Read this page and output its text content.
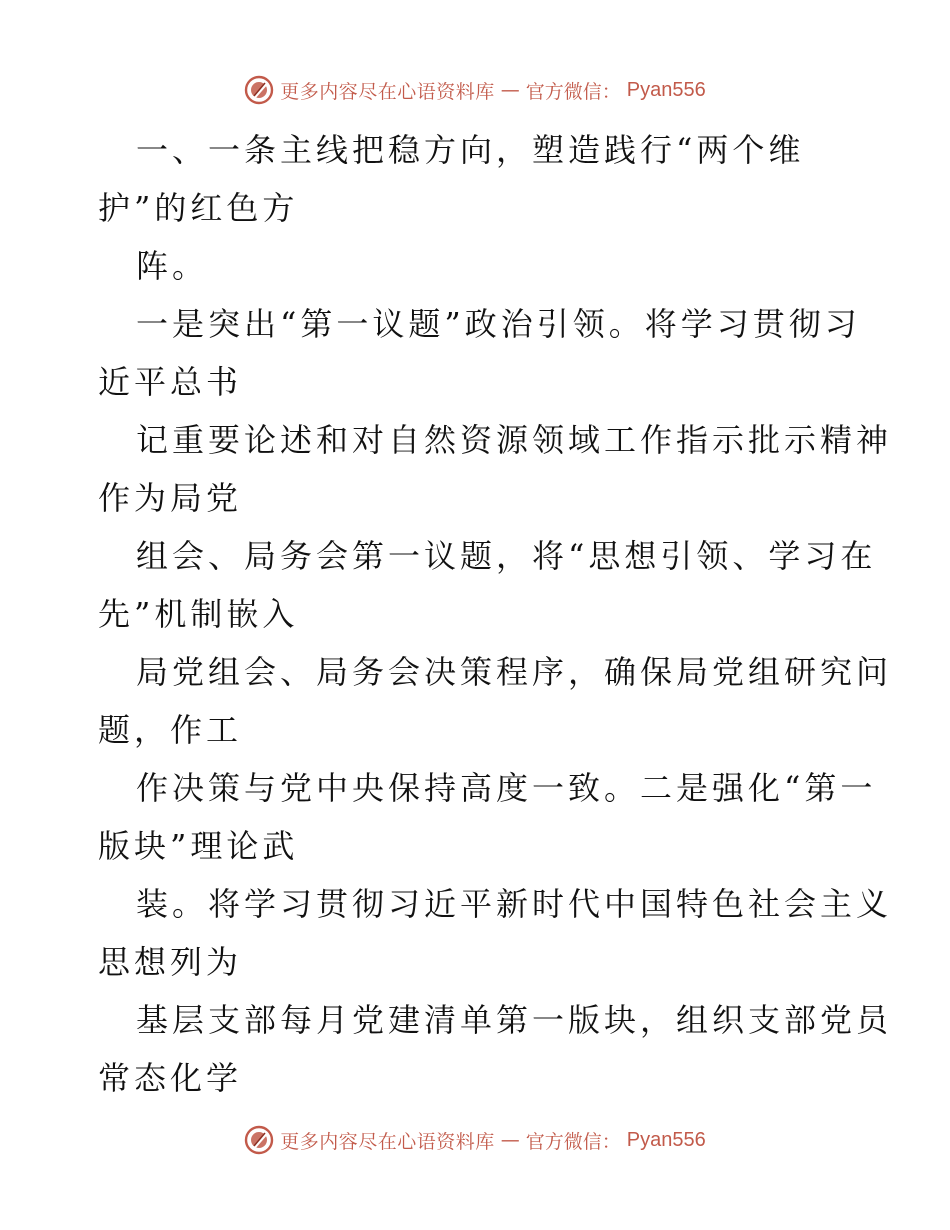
更多内容尽在心语资料库 — 官方微信： Pyan556
一、一条主线把稳方向，塑造践行“两个维
护”的红色方
阵。
一是突出“第一议题”政治引领。将学习贯彻习
近平总书
记重要论述和对自然资源领域工作指示批示精神
作为局党
组会、局务会第一议题，将“思想引领、学习在
先”机制嵌入
局党组会、局务会决策程序，确保局党组研究问
题，作工
作决策与党中央保持高度一致。二是强化“第一
版块”理论武
装。将学习贯彻习近平新时代中国特色社会主义
思想列为
基层支部每月党建清单第一版块，组织支部党员
常态化学
更多内容尽在心语资料库 — 官方微信： Pyan556
